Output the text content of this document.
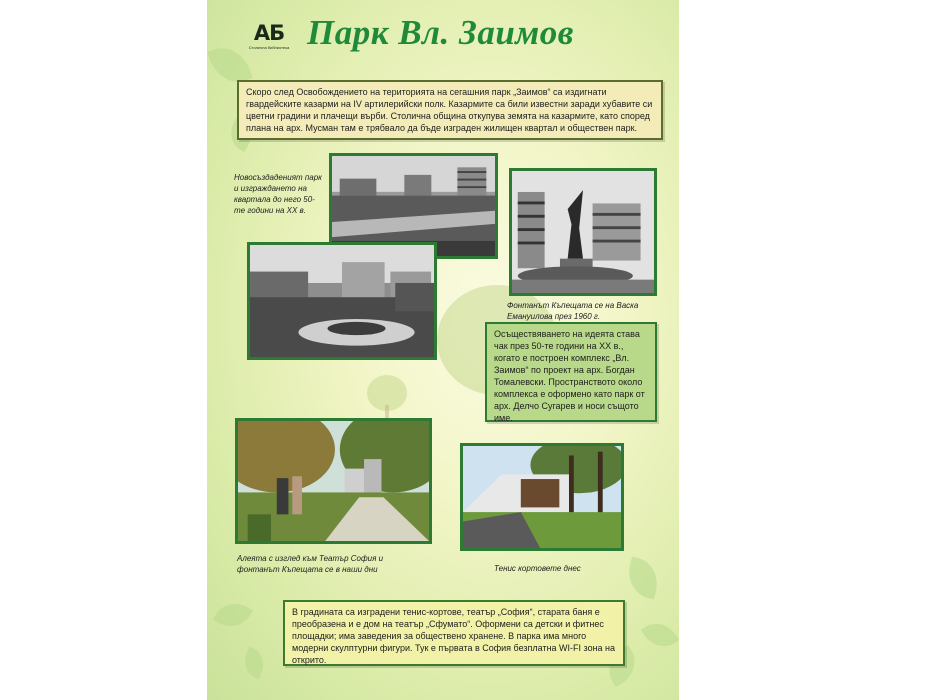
АБ
Столична библиотека Парк Вл. Заимов
Скоро след Освобождението на територията на сегашния парк „Заимов“ са издигнати гвардейските казарми на IV артилерийски полк. Казармите са били известни заради хубавите си цветни градини и плачещи върби. Столична община откупува земята на казармите, като според плана на арх. Мусман там е трябвало да бъде изграден жилищен квартал и обществен парк.
Новосъздаденият парк и изграждането на квартала до него 50-те години на XX в.
Фонтанът Къпещата се на Васка Емануилова през 1960 г.
Осъществяването на идеята става чак през 50-те години на XX в., когато е построен комплекс „Вл. Заимов“ по проект на арх. Богдан Томалевски. Пространството около комплекса е оформено като парк от арх. Делчо Сугарев и носи същото име.
Алеята с изглед към Театър София и фонтанът Къпещата се в наши дни	Тенис кортовете днес
В градината са изградени тенис-кортове, театър „София“, старата баня е преобразена и е дом на театър „Сфумато“. Оформени са детски и фитнес площадки; има заведения за обществено хранене. В парка има много модерни скулптурни фигури. Тук е първата в София безплатна WI-FI зона на открито.
